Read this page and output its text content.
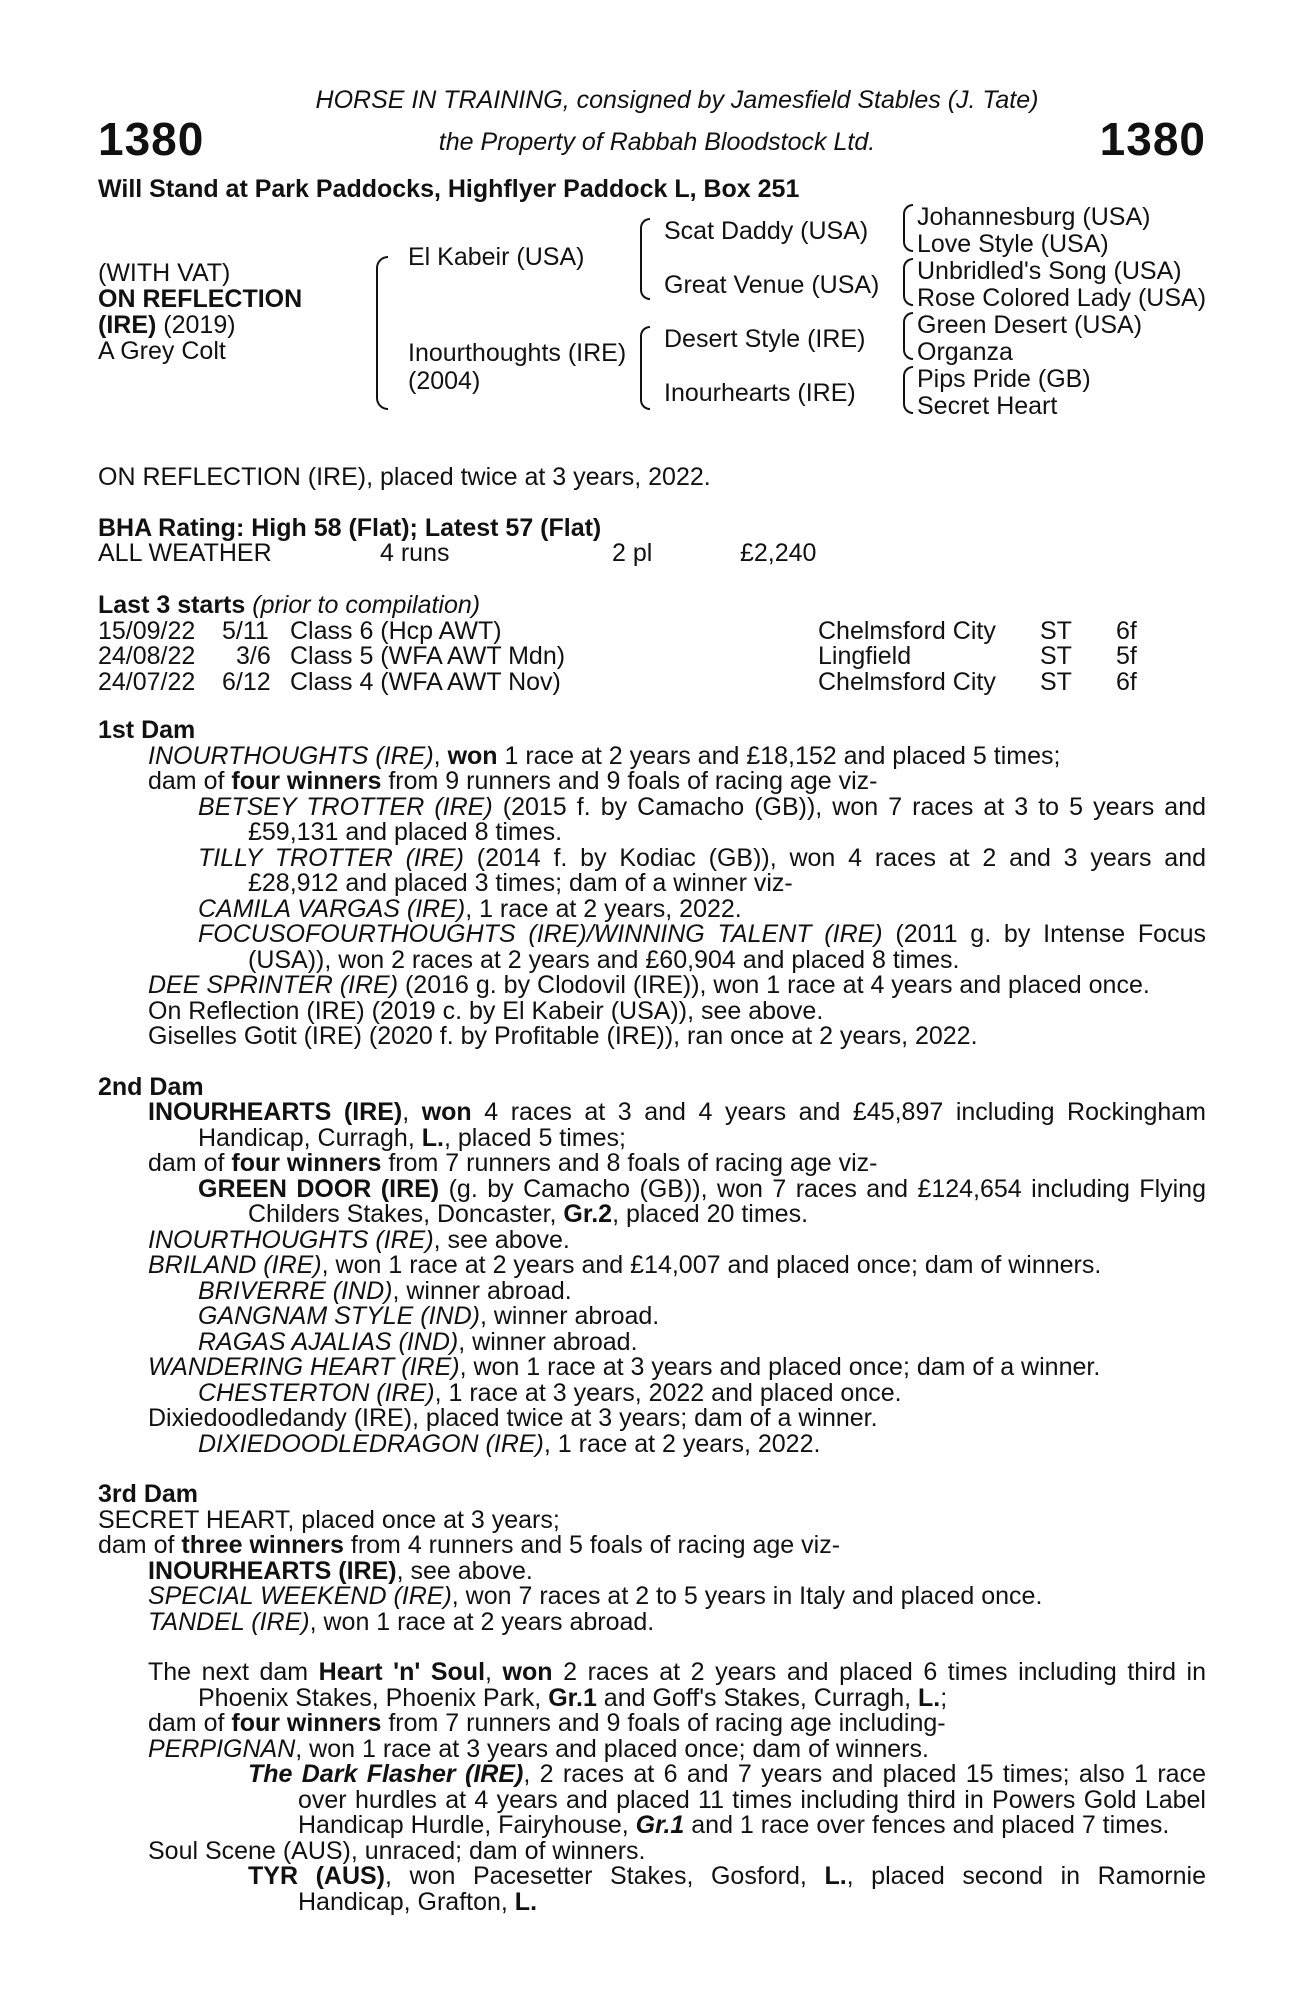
1380	1380
HORSE IN TRAINING, consigned by Jamesfield Stables (J. Tate)
the Property of Rabbah Bloodstock Ltd.
Will Stand at Park Paddocks, Highflyer Paddock L, Box 251
(WITH VAT)
ON REFLECTION
(IRE) (2019)
A Grey Colt
El Kabeir (USA)
Inourthoughts (IRE)
(2004)
Scat Daddy (USA)
Great Venue (USA)
Desert Style (IRE)
Inourhearts (IRE)
Johannesburg (USA)
Love Style (USA)
Unbridled's Song (USA)
Rose Colored Lady (USA)
Green Desert (USA)
Organza
Pips Pride (GB)
Secret Heart
ON REFLECTION (IRE), placed twice at 3 years, 2022.
BHA Rating: High 58 (Flat); Latest 57 (Flat)
ALL WEATHER	4 runs	2 pl	£2,240
Last 3 starts (prior to compilation)
15/09/22 5/11 Class 6 (Hcp AWT)	Chelmsford City ST 6f
24/08/22 3/6 Class 5 (WFA AWT Mdn)	Lingfield	ST 5f
24/07/22 6/12 Class 4 (WFA AWT Nov)	Chelmsford City ST 6f

1st Dam

INOURTHOUGHTS (IRE), won 1 race at 2 years and £18,152 and placed 5 times;

dam of four winners from 9 runners and 9 foals of racing age viz-

BETSEY TROTTER (IRE) (2015 f. by Camacho (GB)), won 7 races at 3 to 5 years and £59,131 and placed 8 times.

TILLY TROTTER (IRE) (2014 f. by Kodiac (GB)), won 4 races at 2 and 3 years and £28,912 and placed 3 times; dam of a winner viz-

CAMILA VARGAS (IRE), 1 race at 2 years, 2022.

FOCUSOFOURTHOUGHTS (IRE)/WINNING TALENT (IRE) (2011 g. by Intense Focus (USA)), won 2 races at 2 years and £60,904 and placed 8 times.

DEE SPRINTER (IRE) (2016 g. by Clodovil (IRE)), won 1 race at 4 years and placed once.

On Reflection (IRE) (2019 c. by El Kabeir (USA)), see above.

Giselles Gotit (IRE) (2020 f. by Profitable (IRE)), ran once at 2 years, 2022.

2nd Dam

INOURHEARTS (IRE), won 4 races at 3 and 4 years and £45,897 including Rockingham Handicap, Curragh, L., placed 5 times;

dam of four winners from 7 runners and 8 foals of racing age viz-

GREEN DOOR (IRE) (g. by Camacho (GB)), won 7 races and £124,654 including Flying Childers Stakes, Doncaster, Gr.2, placed 20 times.

INOURTHOUGHTS (IRE), see above.

BRILAND (IRE), won 1 race at 2 years and £14,007 and placed once; dam of winners.

BRIVERRE (IND), winner abroad.

GANGNAM STYLE (IND), winner abroad.

RAGAS AJALIAS (IND), winner abroad.

WANDERING HEART (IRE), won 1 race at 3 years and placed once; dam of a winner.

CHESTERTON (IRE), 1 race at 3 years, 2022 and placed once.

Dixiedoodledandy (IRE), placed twice at 3 years; dam of a winner.

DIXIEDOODLEDRAGON (IRE), 1 race at 2 years, 2022.

3rd Dam

SECRET HEART, placed once at 3 years;

dam of three winners from 4 runners and 5 foals of racing age viz-

INOURHEARTS (IRE), see above.

SPECIAL WEEKEND (IRE), won 7 races at 2 to 5 years in Italy and placed once.

TANDEL (IRE), won 1 race at 2 years abroad.

The next dam Heart 'n' Soul, won 2 races at 2 years and placed 6 times including third in Phoenix Stakes, Phoenix Park, Gr.1 and Goff's Stakes, Curragh, L.;

dam of four winners from 7 runners and 9 foals of racing age including-

PERPIGNAN, won 1 race at 3 years and placed once; dam of winners.

The Dark Flasher (IRE), 2 races at 6 and 7 years and placed 15 times; also 1 race over hurdles at 4 years and placed 11 times including third in Powers Gold Label Handicap Hurdle, Fairyhouse, Gr.1 and 1 race over fences and placed 7 times.

Soul Scene (AUS), unraced; dam of winners.

TYR (AUS), won Pacesetter Stakes, Gosford, L., placed second in Ramornie Handicap, Grafton, L.
